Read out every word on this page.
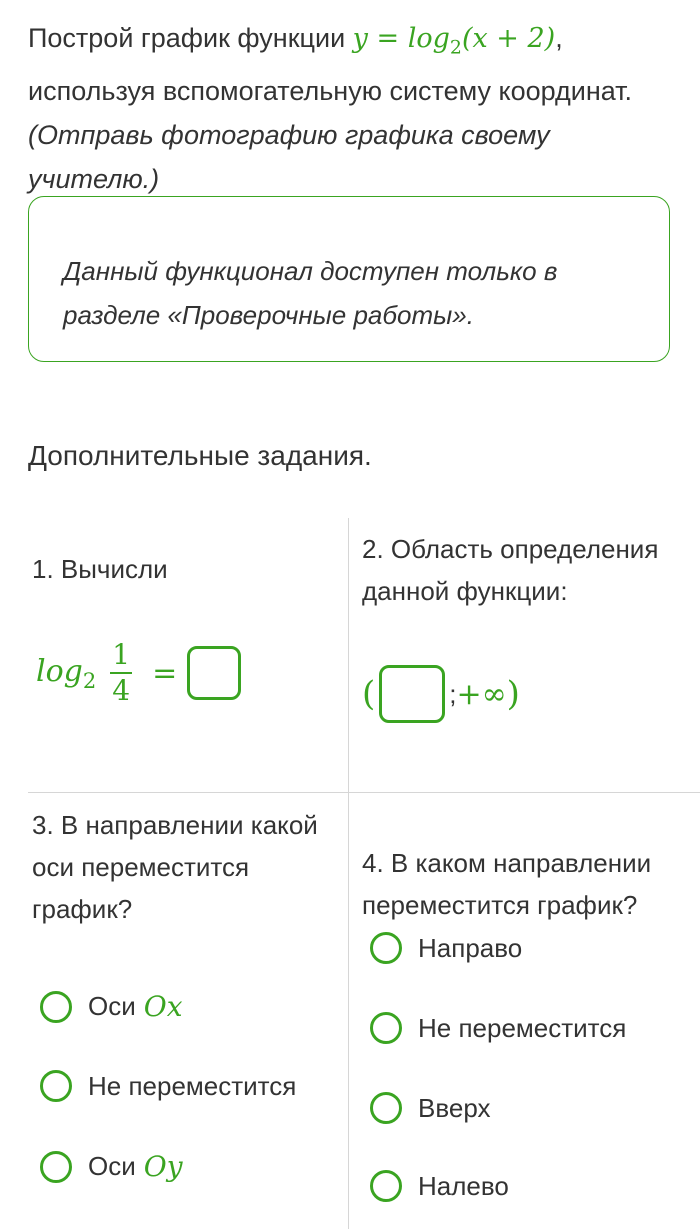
Построй график функции $y = \log_2(x + 2)$,
используя вспомогательную систему координат.
(Отправь фотографию графика своему учителю.)
Данный функционал доступен только в разделе «Проверочные работы».
Дополнительные задания.
1. Вычисли
$\log_2 \frac{1}{4}$ =
2. Область определения данной функции:
(	; +∞ )
3. В направлении какой оси переместится график?
Оси Ox
Не переместится
Оси Oy
4. В каком направлении переместится график?
Направо
Не переместится
Вверх
Налево
